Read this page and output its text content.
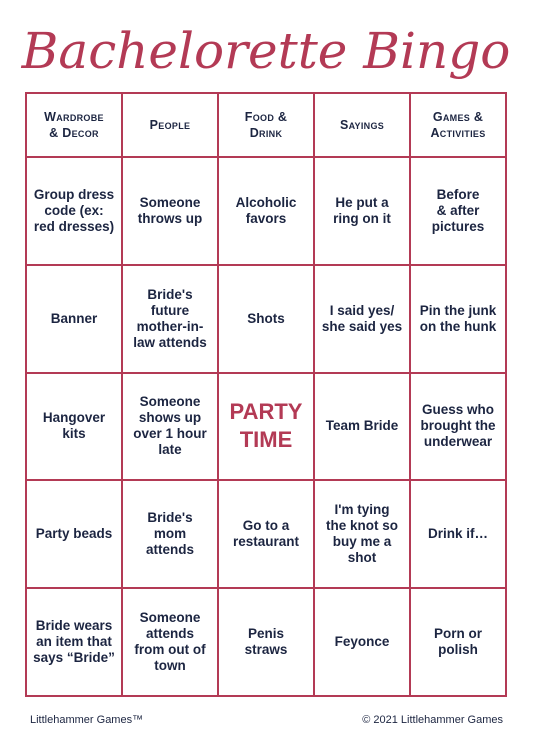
Bachelorette Bingo
Wardrobe
& Decor
People
Food &
Drink
Sayings
Games &
Activities
Group dress
code (ex:
red dresses)
Someone
throws up
Alcoholic
favors
He put a
ring on it
Before
& after
pictures
Banner
Bride's
future
mother-in-
law attends
Shots
I said yes/
she said yes
Pin the junk
on the hunk
Hangover
kits
Someone
shows up
over 1 hour
late
PARTY
TIME
Team Bride
Guess who
brought the
underwear
Party beads
Bride's
mom
attends
Go to a
restaurant
I'm tying
the knot so
buy me a
shot
Drink if…
Bride wears
an item that
says “Bride”
Someone
attends
from out of
town
Penis straws
Feyonce
Porn or
polish
Littlehammer Games™	© 2021 Littlehammer Games
